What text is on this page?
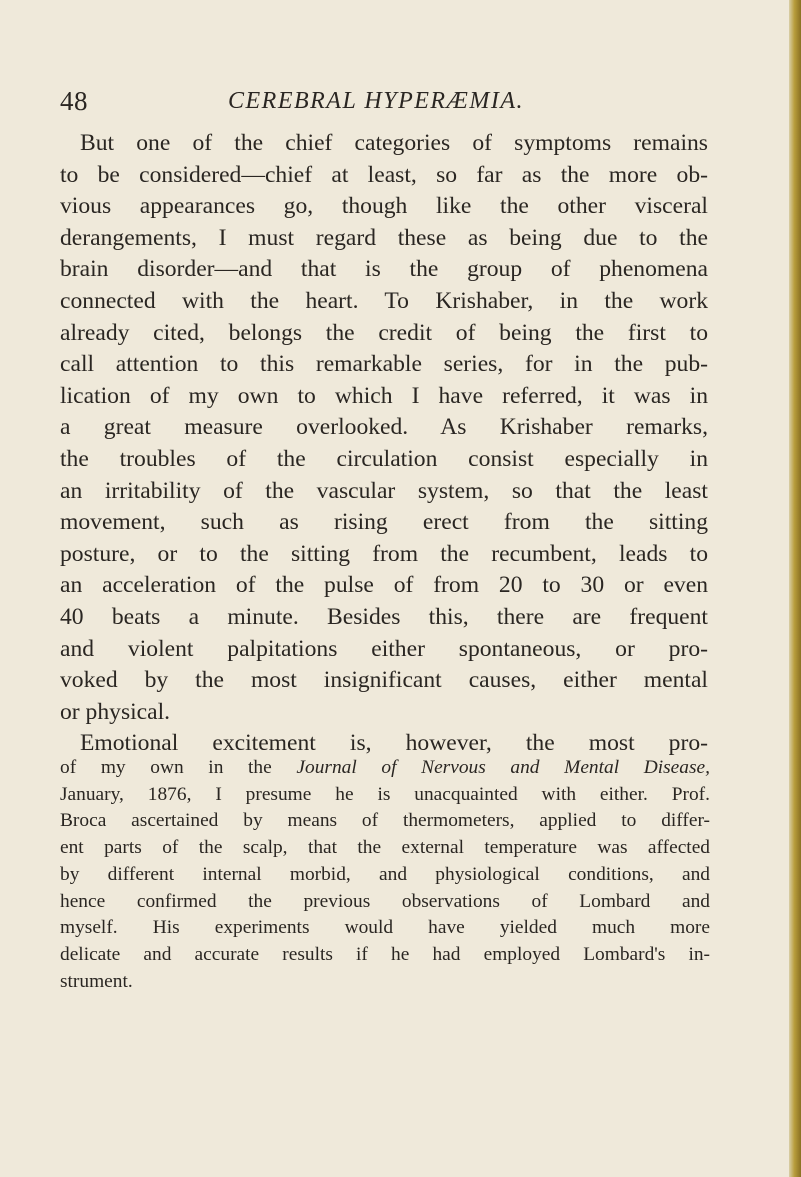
48	CEREBRAL HYPERÆMIA.
But one of the chief categories of symptoms remains
to be considered—chief at least, so far as the more ob-
vious appearances go, though like the other visceral
derangements, I must regard these as being due to the
brain disorder—and that is the group of phenomena
connected with the heart. To Krishaber, in the work
already cited, belongs the credit of being the first to
call attention to this remarkable series, for in the pub-
lication of my own to which I have referred, it was in
a great measure overlooked. As Krishaber remarks,
the troubles of the circulation consist especially in
an irritability of the vascular system, so that the least
movement, such as rising erect from the sitting
posture, or to the sitting from the recumbent, leads to
an acceleration of the pulse of from 20 to 30 or even
40 beats a minute. Besides this, there are frequent
and violent palpitations either spontaneous, or pro-
voked by the most insignificant causes, either mental
or physical.
Emotional excitement is, however, the most pro-
of my own in the Journal of Nervous and Mental Disease,
January, 1876, I presume he is unacquainted with either. Prof.
Broca ascertained by means of thermometers, applied to differ-
ent parts of the scalp, that the external temperature was affected
by different internal morbid, and physiological conditions, and
hence confirmed the previous observations of Lombard and
myself. His experiments would have yielded much more
delicate and accurate results if he had employed Lombard's in-
strument.
